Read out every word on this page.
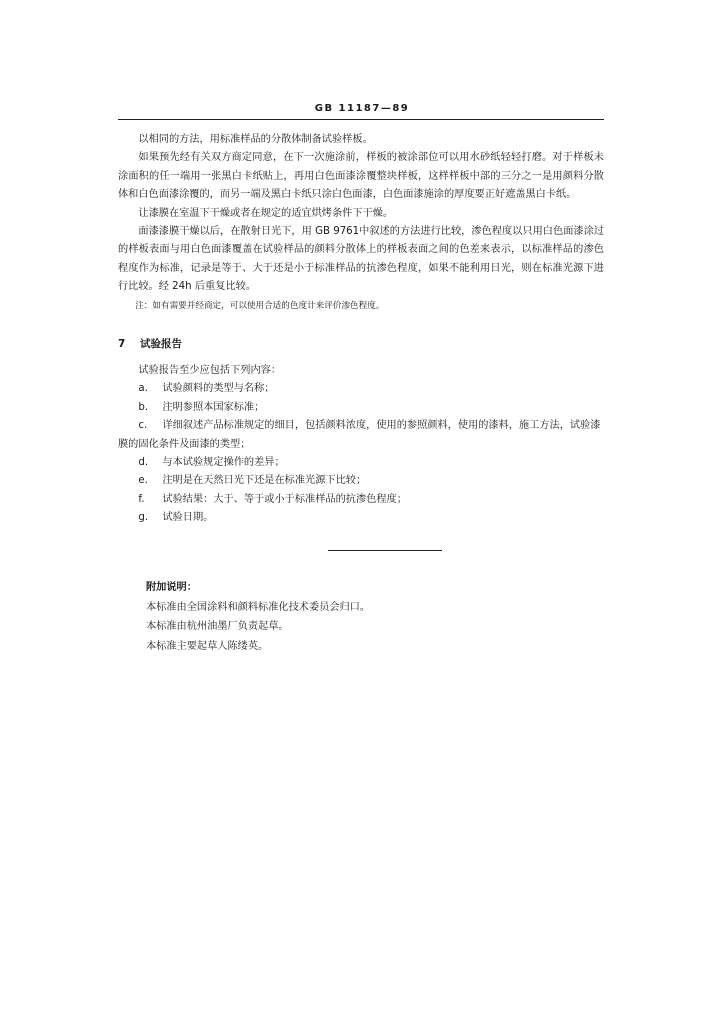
GB 11187—89

以相同的方法，用标准样品的分散体制备试验样板。

如果预先经有关双方商定同意，在下一次施涂前，样板的被涂部位可以用水砂纸轻轻打磨。对于样板未涂面积的任一端用一张黑白卡纸贴上，再用白色面漆涂覆整块样板，这样样板中部的三分之一是用颜料分散体和白色面漆涂覆的，而另一端及黑白卡纸只涂白色面漆，白色面漆施涂的厚度要正好遮盖黑白卡纸。

让漆膜在室温下干燥或者在规定的适宜烘烤条件下干燥。

面漆漆膜干燥以后，在散射日光下，用 GB 9761中叙述的方法进行比较，渗色程度以只用白色面漆涂过的样板表面与用白色面漆覆盖在试验样品的颜料分散体上的样板表面之间的色差来表示，以标准样品的渗色程度作为标准，记录是等于、大于还是小于标准样品的抗渗色程度，如果不能利用日光，则在标准光源下进行比较。经 24h 后重复比较。

注：如有需要并经商定，可以使用合适的色度计来评价渗色程度。

7 试验报告

试验报告至少应包括下列内容：

a. 试验颜料的类型与名称；
b. 注明参照本国家标准；
c. 详细叙述产品标准规定的细目，包括颜料浓度，使用的参照颜料，使用的漆料，施工方法，试验漆膜的固化条件及面漆的类型；
d. 与本试验规定操作的差异；
e. 注明是在天然日光下还是在标准光源下比较；
f. 试验结果：大于、等于或小于标准样品的抗渗色程度；
g. 试验日期。

附加说明：

本标准由全国涂料和颜料标准化技术委员会归口。

本标准由杭州油墨厂负责起草。

本标准主要起草人陈缕英。
